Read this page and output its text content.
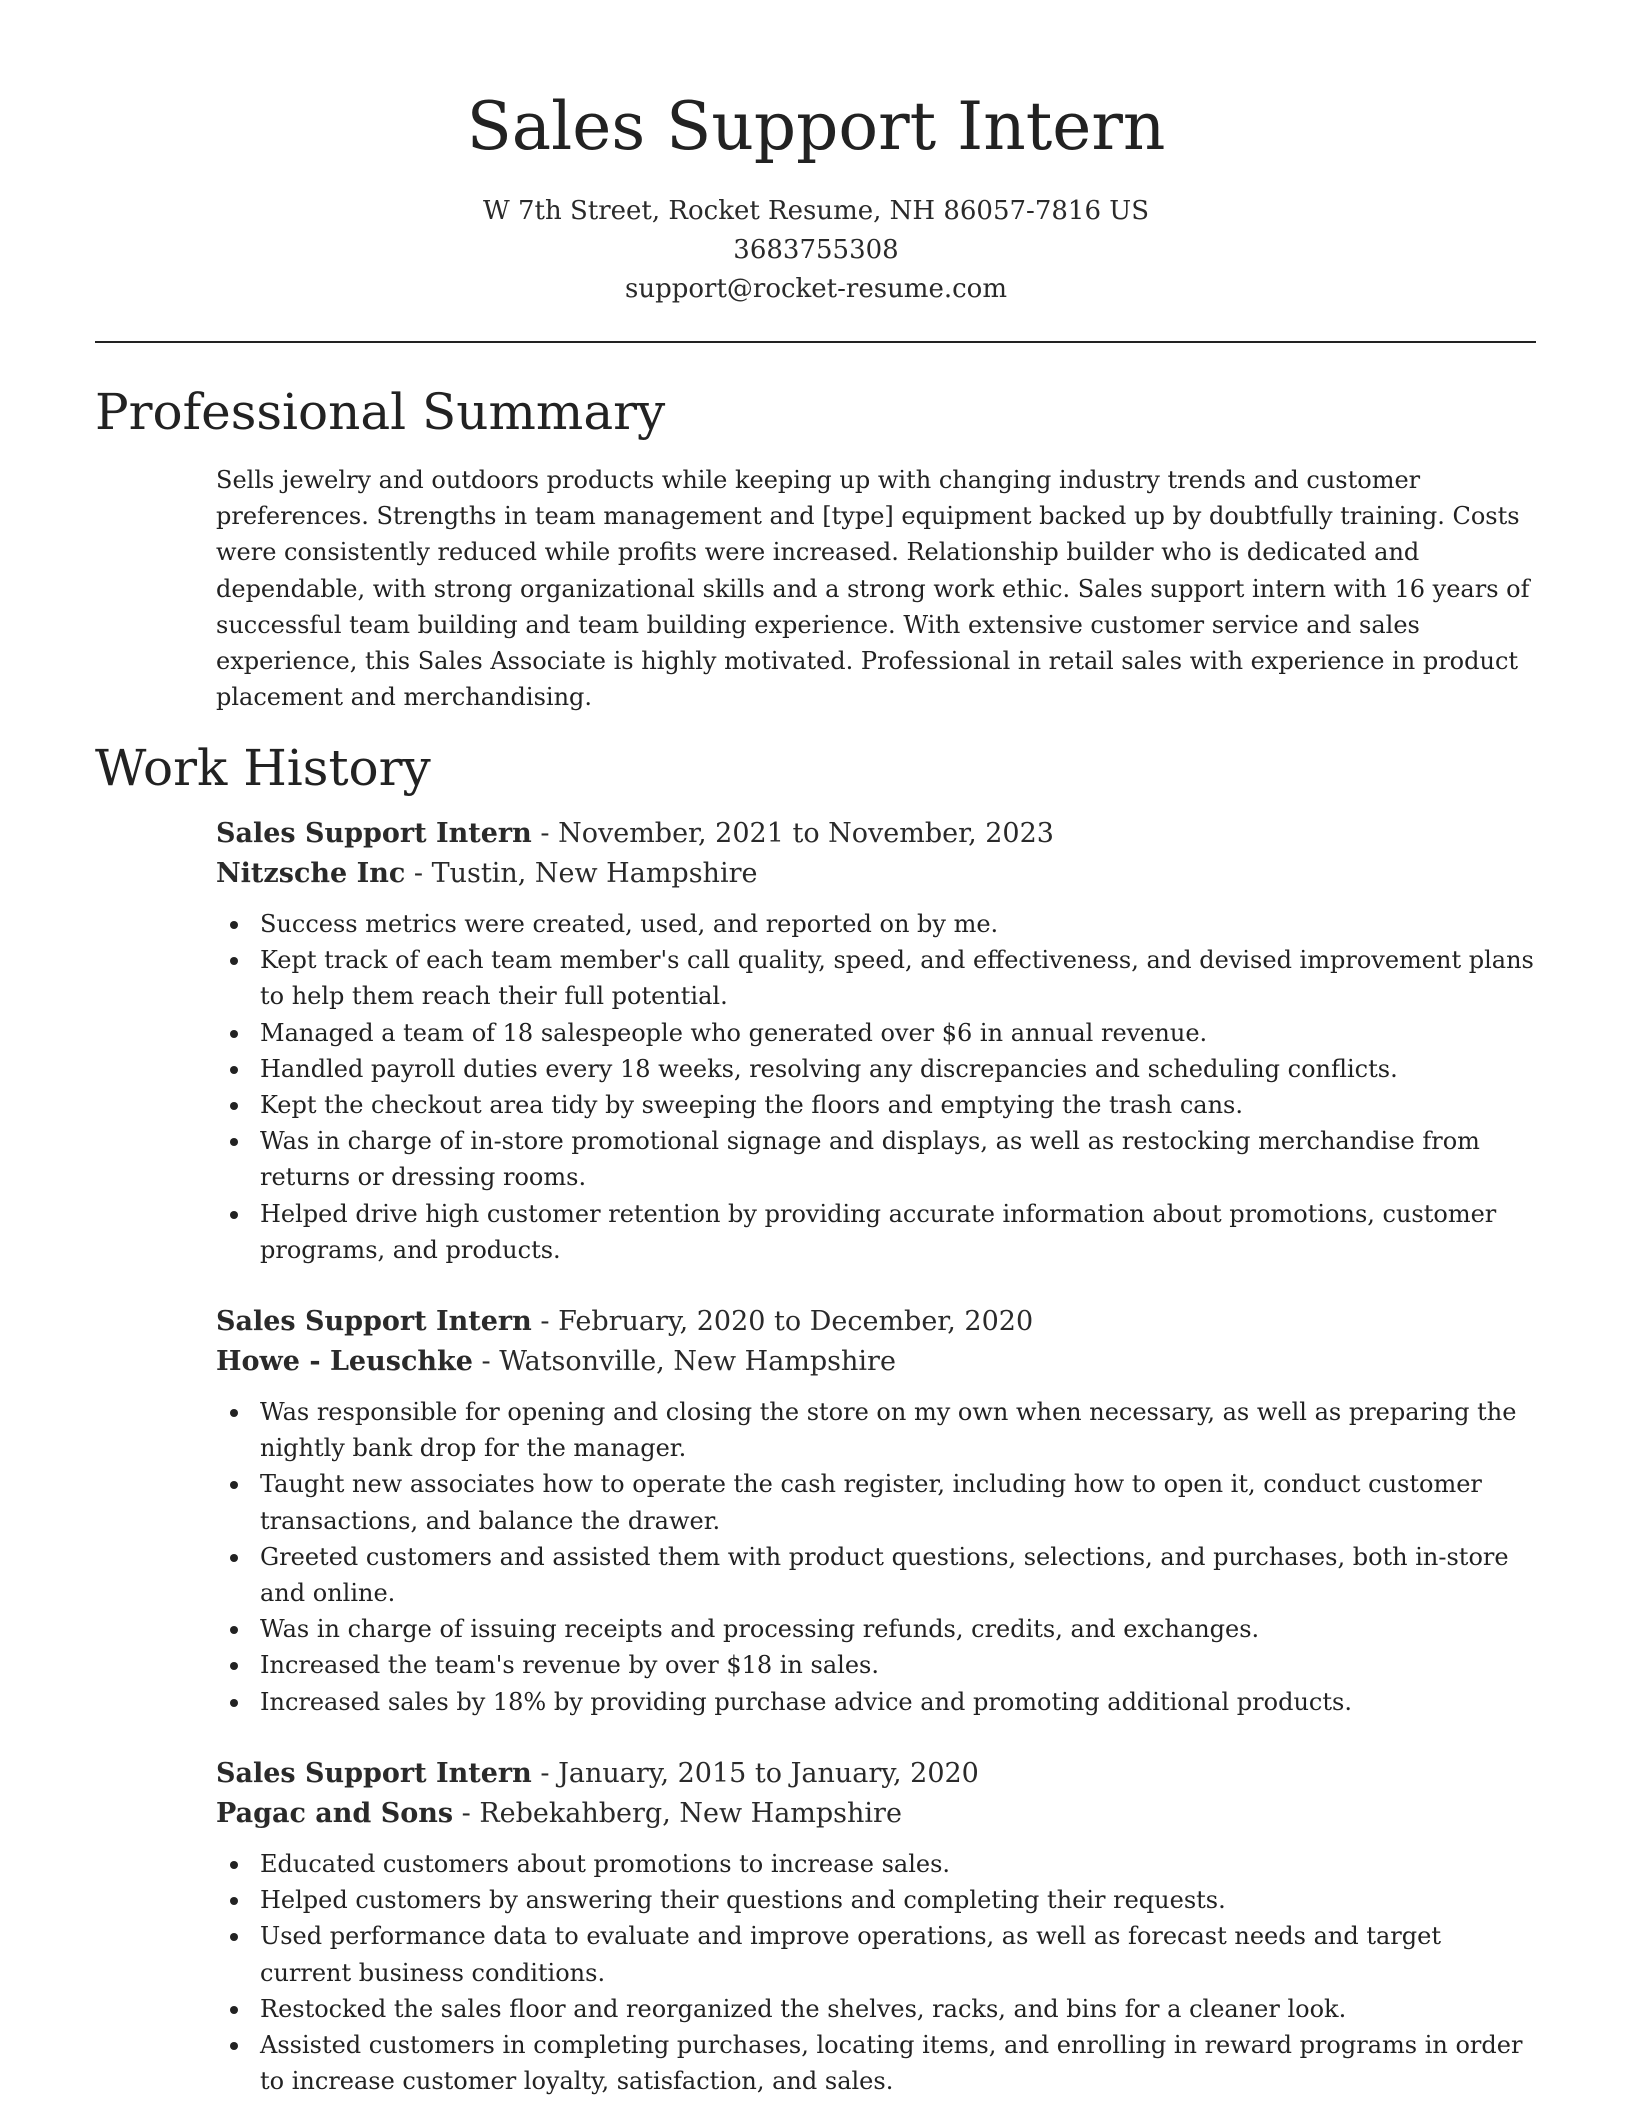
Sales Support Intern
W 7th Street, Rocket Resume, NH 86057-7816 US
3683755308
support@rocket-resume.com
Professional Summary

Sells jewelry and outdoors products while keeping up with changing industry trends and customer preferences. Strengths in team management and [type] equipment backed up by doubtfully training. Costs were consistently reduced while profits were increased. Relationship builder who is dedicated and dependable, with strong organizational skills and a strong work ethic. Sales support intern with 16 years of successful team building and team building experience. With extensive customer service and sales experience, this Sales Associate is highly motivated. Professional in retail sales with experience in product placement and merchandising.

Work History
Sales Support Intern - November, 2021 to November, 2023
Nitzsche Inc - Tustin, New Hampshire
Success metrics were created, used, and reported on by me.
Kept track of each team member's call quality, speed, and effectiveness, and devised improvement plans to help them reach their full potential.
Managed a team of 18 salespeople who generated over $6 in annual revenue.
Handled payroll duties every 18 weeks, resolving any discrepancies and scheduling conflicts.
Kept the checkout area tidy by sweeping the floors and emptying the trash cans.
Was in charge of in-store promotional signage and displays, as well as restocking merchandise from returns or dressing rooms.
Helped drive high customer retention by providing accurate information about promotions, customer programs, and products.
Sales Support Intern - February, 2020 to December, 2020
Howe - Leuschke - Watsonville, New Hampshire
Was responsible for opening and closing the store on my own when necessary, as well as preparing the nightly bank drop for the manager.
Taught new associates how to operate the cash register, including how to open it, conduct customer transactions, and balance the drawer.
Greeted customers and assisted them with product questions, selections, and purchases, both in-store and online.
Was in charge of issuing receipts and processing refunds, credits, and exchanges.
Increased the team's revenue by over $18 in sales.
Increased sales by 18% by providing purchase advice and promoting additional products.
Sales Support Intern - January, 2015 to January, 2020
Pagac and Sons - Rebekahberg, New Hampshire
Educated customers about promotions to increase sales.
Helped customers by answering their questions and completing their requests.
Used performance data to evaluate and improve operations, as well as forecast needs and target current business conditions.
Restocked the sales floor and reorganized the shelves, racks, and bins for a cleaner look.
Assisted customers in completing purchases, locating items, and enrolling in reward programs in order to increase customer loyalty, satisfaction, and sales.
